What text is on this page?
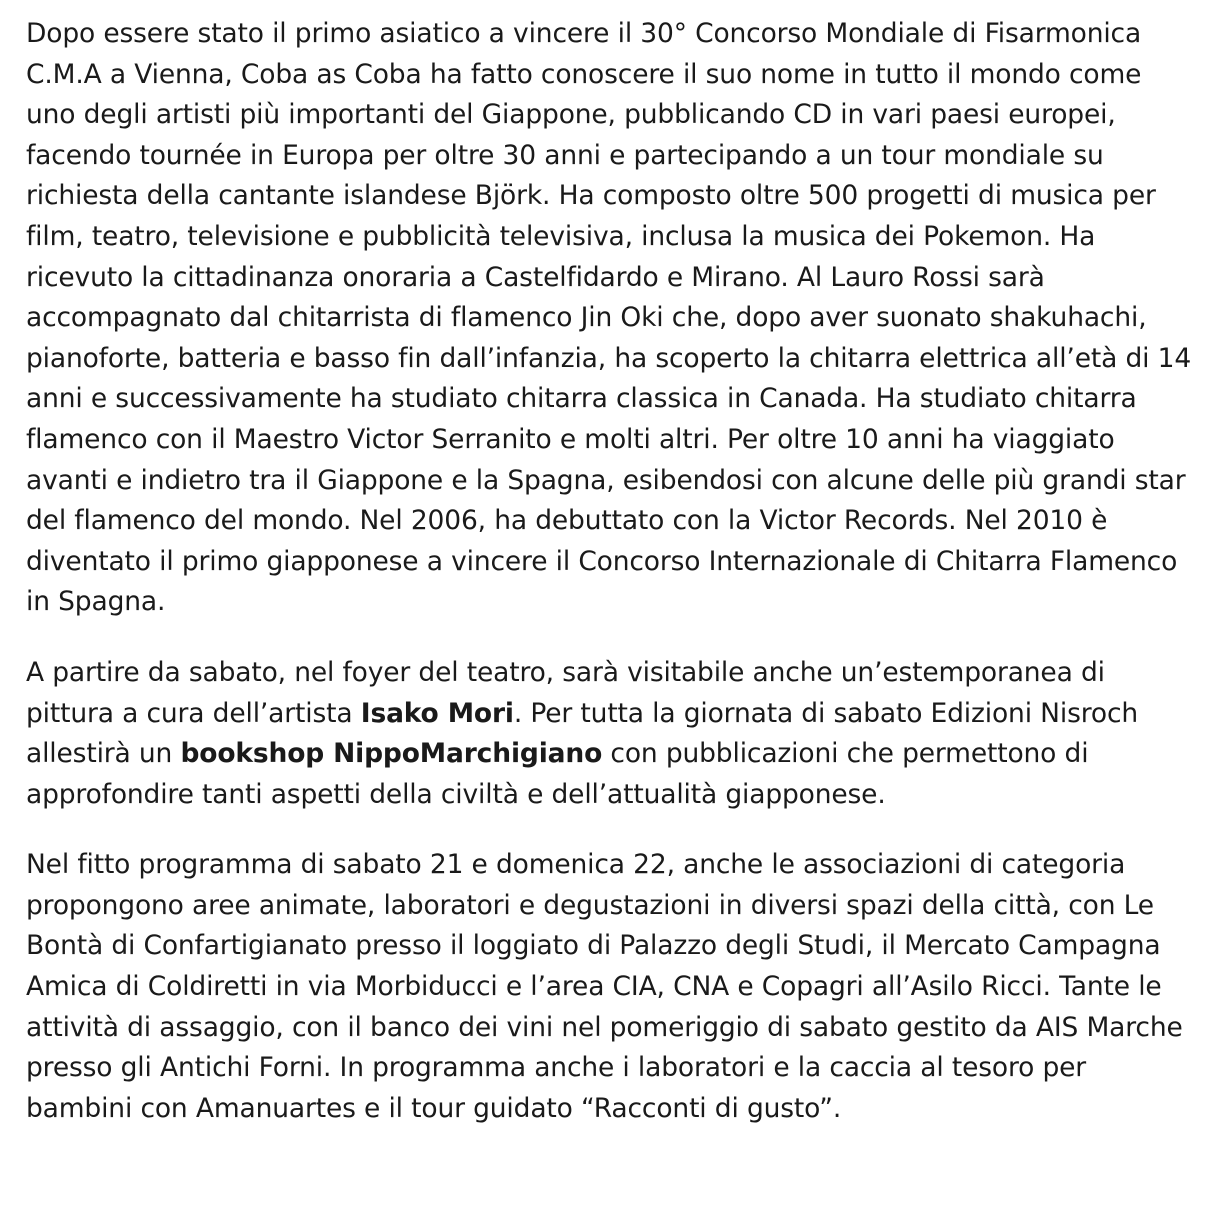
Dopo essere stato il primo asiatico a vincere il 30° Concorso Mondiale di Fisarmonica C.M.A a Vienna, Coba as Coba ha fatto conoscere il suo nome in tutto il mondo come uno degli artisti più importanti del Giappone, pubblicando CD in vari paesi europei, facendo tournée in Europa per oltre 30 anni e partecipando a un tour mondiale su richiesta della cantante islandese Björk. Ha composto oltre 500 progetti di musica per film, teatro, televisione e pubblicità televisiva, inclusa la musica dei Pokemon. Ha ricevuto la cittadinanza onoraria a Castelfidardo e Mirano. Al Lauro Rossi sarà accompagnato dal chitarrista di flamenco Jin Oki che, dopo aver suonato shakuhachi, pianoforte, batteria e basso fin dall’infanzia, ha scoperto la chitarra elettrica all’età di 14 anni e successivamente ha studiato chitarra classica in Canada. Ha studiato chitarra flamenco con il Maestro Victor Serranito e molti altri. Per oltre 10 anni ha viaggiato avanti e indietro tra il Giappone e la Spagna, esibendosi con alcune delle più grandi star del flamenco del mondo. Nel 2006, ha debuttato con la Victor Records. Nel 2010 è diventato il primo giapponese a vincere il Concorso Internazionale di Chitarra Flamenco in Spagna.

A partire da sabato, nel foyer del teatro, sarà visitabile anche un’estemporanea di pittura a cura dell’artista Isako Mori. Per tutta la giornata di sabato Edizioni Nisroch allestirà un bookshop NippoMarchigiano con pubblicazioni che permettono di approfondire tanti aspetti della civiltà e dell’attualità giapponese.

Nel fitto programma di sabato 21 e domenica 22, anche le associazioni di categoria propongono aree animate, laboratori e degustazioni in diversi spazi della città, con Le Bontà di Confartigianato presso il loggiato di Palazzo degli Studi, il Mercato Campagna Amica di Coldiretti in via Morbiducci e l’area CIA, CNA e Copagri all’Asilo Ricci. Tante le attività di assaggio, con il banco dei vini nel pomeriggio di sabato gestito da AIS Marche presso gli Antichi Forni. In programma anche i laboratori e la caccia al tesoro per bambini con Amanuartes e il tour guidato “Racconti di gusto”.
